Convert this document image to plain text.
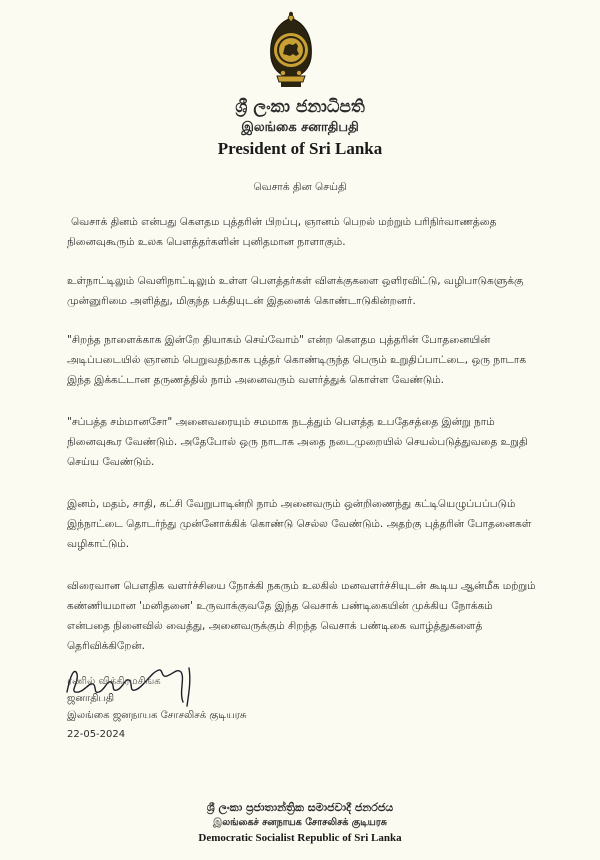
ශ්‍රී ලංකා ජනාධිපති
இலங்கை சனாதிபதி
President of Sri Lanka
வெசாக் தின செய்தி

வெசாக் தினம் என்பது கௌதம புத்தரின் பிறப்பு, ஞானம் பெறல் மற்றும் பரிநிர்வாணத்தை நினைவுகூரும் உலக பௌத்தர்களின் புனிதமான நாளாகும்.

உள்நாட்டிலும் வெளிநாட்டிலும் உள்ள பௌத்தர்கள் விளக்குகளை ஒளிரவிட்டு, வழிபாடுகளுக்கு முன்னுரிமை அளித்து, மிகுந்த பக்தியுடன் இதனைக் கொண்டாடுகின்றனர்.

"சிறந்த நாளைக்காக இன்றே தியாகம் செய்வோம்" என்ற கௌதம புத்தரின் போதனையின் அடிப்படையில் ஞானம் பெறுவதற்காக புத்தர் கொண்டிருந்த பெரும் உறுதிப்பாட்டை, ஒரு நாடாக இந்த இக்கட்டான தருணத்தில் நாம் அனைவரும் வளர்த்துக் கொள்ள வேண்டும்.

"சப்பத்த சம்மானசோ" அனைவரையும் சமமாக நடத்தும் பௌத்த உபதேசத்தை இன்று நாம் நினைவுகூர வேண்டும். அதேபோல் ஒரு நாடாக அதை நடைமுறையில் செயல்படுத்துவதை உறுதி செய்ய வேண்டும்.

இனம், மதம், சாதி, கட்சி வேறுபாடின்றி நாம் அனைவரும் ஒன்றிணைந்து கட்டியெழுப்பப்படும் இந்நாட்டை தொடர்ந்து முன்னோக்கிக் கொண்டு செல்ல வேண்டும். அதற்கு புத்தரின் போதனைகள் வழிகாட்டும்.

விரைவான பௌதிக வளர்ச்சியை நோக்கி நகரும் உலகில் மனவளர்ச்சியுடன் கூடிய ஆன்மீக மற்றும் கண்ணியமான 'மனிதனை' உருவாக்குவதே இந்த வெசாக் பண்டிகையின் முக்கிய நோக்கம் என்பதை நினைவில் வைத்து, அனைவருக்கும் சிறந்த வெசாக் பண்டிகை வாழ்த்துகளைத் தெரிவிக்கிறேன்.

ரணில் விக்கிரமசிங்க

ஜனாதிபதி

இலங்கை ஜனநாயக சோசலிசக் குடியரசு

22-05-2024

ශ්‍රී ලංකා ප්‍රජාතාන්ත්‍රික සමාජවාදී ජනරජය
இலங்கைச் சனநாயக சோசலிசக் குடியரசு
Democratic Socialist Republic of Sri Lanka
